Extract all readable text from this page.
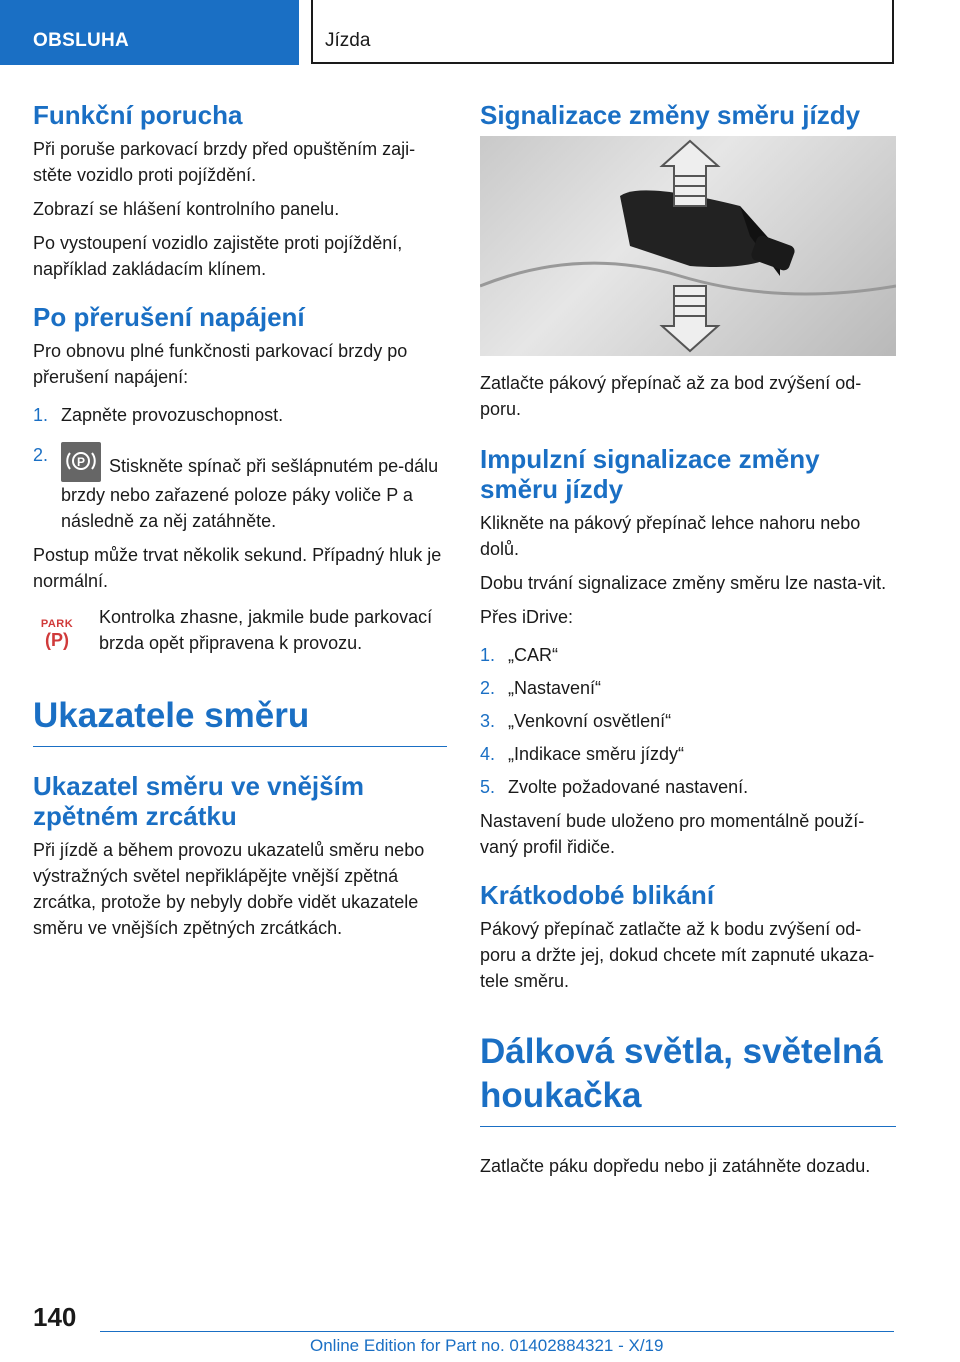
OBSLUHA	Jízda
Funkční porucha

Při poruše parkovací brzdy před opuštěním zaji-stěte vozidlo proti pojíždění.

Zobrazí se hlášení kontrolního panelu.

Po vystoupení vozidlo zajistěte proti pojíždění, například zakládacím klínem.

Po přerušení napájení

Pro obnovu plné funkčnosti parkovací brzdy po přerušení napájení:

1. Zapněte provozuschopnost.
2. P Stiskněte spínač při sešlápnutém pe-dálu brzdy nebo zařazené poloze páky voliče P a následně za něj zatáhněte.

Postup může trvat několik sekund. Případný hluk je normální.

PARK
(P)
Kontrolka zhasne, jakmile bude parkovací brzda opět připravena k provozu.
Ukazatele směru
Ukazatel směru ve vnějším zpětném zrcátku

Při jízdě a během provozu ukazatelů směru nebo výstražných světel nepřiklápějte vnější zpětná zrcátka, protože by nebyly dobře vidět ukazatele směru ve vnějších zpětných zrcátkách.

Signalizace změny směru jízdy

Zatlačte pákový přepínač až za bod zvýšení od-poru.

Impulzní signalizace změny směru jízdy

Klikněte na pákový přepínač lehce nahoru nebo dolů.

Dobu trvání signalizace změny směru lze nasta-vit.

Přes iDrive:

1. „CAR“
2. „Nastavení“
3. „Venkovní osvětlení“
4. „Indikace směru jízdy“
5. Zvolte požadované nastavení.

Nastavení bude uloženo pro momentálně použí-vaný profil řidiče.

Krátkodobé blikání

Pákový přepínač zatlačte až k bodu zvýšení od-poru a držte jej, dokud chcete mít zapnuté ukaza-tele směru.

Dálková světla, světelná houkačka

Zatlačte páku dopředu nebo ji zatáhněte dozadu.

140
Online Edition for Part no. 01402884321 - X/19
